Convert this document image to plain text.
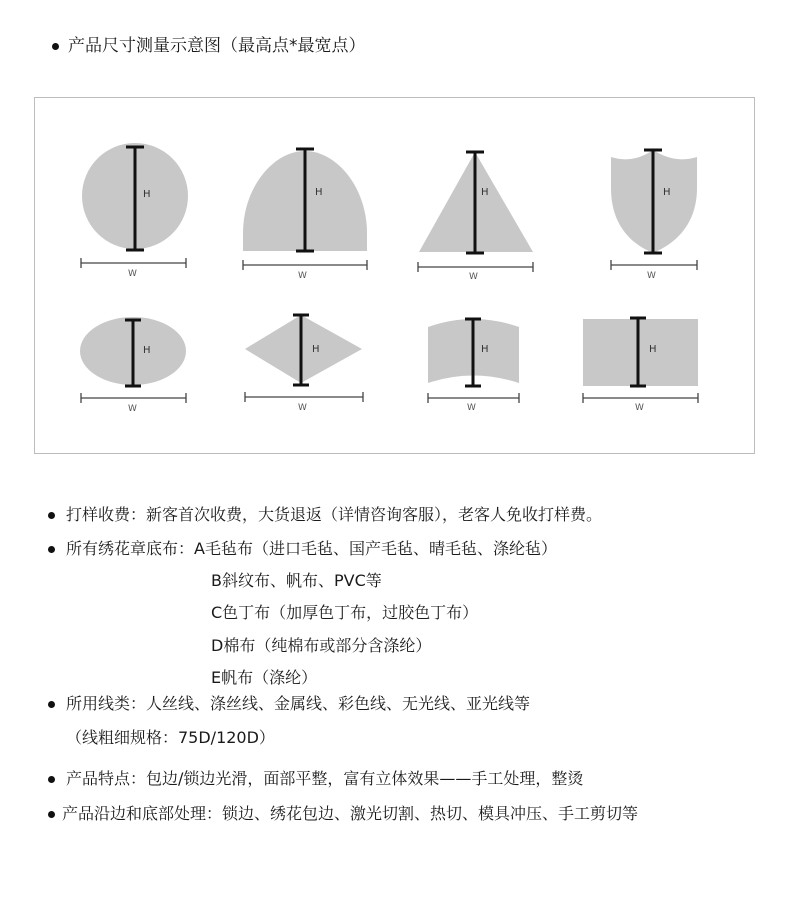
产品尺寸测量示意图（最高点*最宽点）
H
W
H
W
H
W
H
W
H
W
H
W
H
W
H
W
打样收费：新客首次收费，大货退返（详情咨询客服），老客人免收打样费。
所有绣花章底布：A毛毡布（进口毛毡、国产毛毡、晴毛毡、涤纶毡）
B斜纹布、帆布、PVC等
C色丁布（加厚色丁布，过胶色丁布）
D棉布（纯棉布或部分含涤纶）
E帆布（涤纶）
所用线类：人丝线、涤丝线、金属线、彩色线、无光线、亚光线等
（线粗细规格：75D/120D）
产品特点：包边/锁边光滑，面部平整，富有立体效果——手工处理，整烫
产品沿边和底部处理：锁边、绣花包边、激光切割、热切、模具冲压、手工剪切等
